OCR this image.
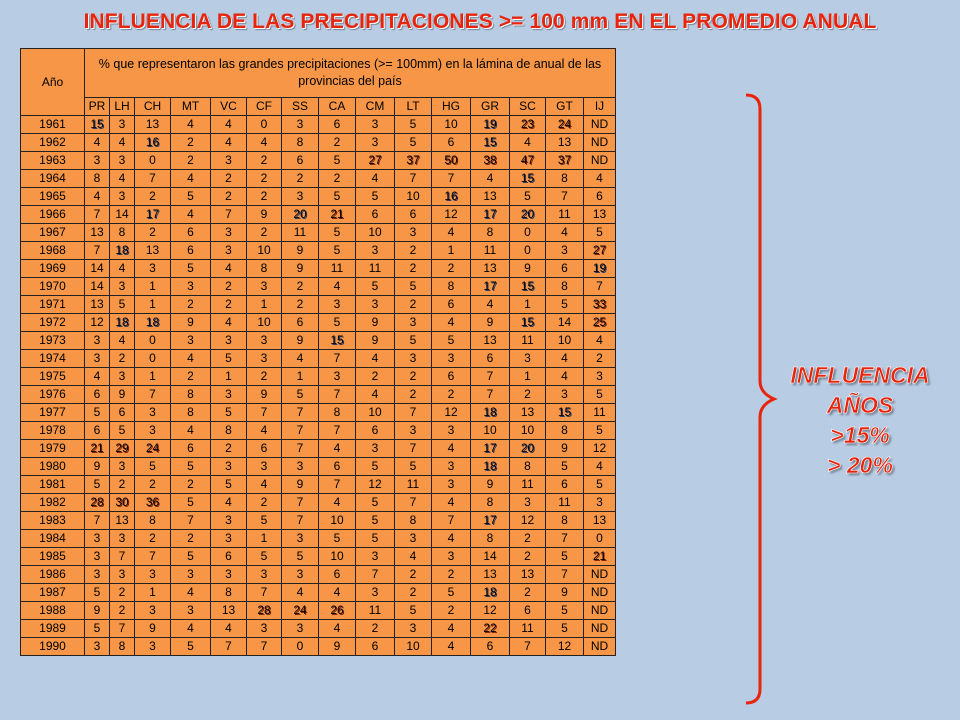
INFLUENCIA DE LAS PRECIPITACIONES >= 100 mm EN EL PROMEDIO ANUAL
Año	% que representaron las grandes precipitaciones (>= 100mm) en la lámina de anual de las provincias del país														
	PR	LH	CH	MT	VC	CF	SS	CA	CM	LT	HG	GR	SC	GT	IJ
1961	15	3	13	4	4	0	3	6	3	5	10	19	23	24	ND
1962	4	4	16	2	4	4	8	2	3	5	6	15	4	13	ND
1963	3	3	0	2	3	2	6	5	27	37	50	38	47	37	ND
1964	8	4	7	4	2	2	2	2	4	7	7	4	15	8	4
1965	4	3	2	5	2	2	3	5	5	10	16	13	5	7	6
1966	7	14	17	4	7	9	20	21	6	6	12	17	20	11	13
1967	13	8	2	6	3	2	11	5	10	3	4	8	0	4	5
1968	7	18	13	6	3	10	9	5	3	2	1	11	0	3	27
1969	14	4	3	5	4	8	9	11	11	2	2	13	9	6	19
1970	14	3	1	3	2	3	2	4	5	5	8	17	15	8	7
1971	13	5	1	2	2	1	2	3	3	2	6	4	1	5	33
1972	12	18	18	9	4	10	6	5	9	3	4	9	15	14	25
1973	3	4	0	3	3	3	9	15	9	5	5	13	11	10	4
1974	3	2	0	4	5	3	4	7	4	3	3	6	3	4	2
1975	4	3	1	2	1	2	1	3	2	2	6	7	1	4	3
1976	6	9	7	8	3	9	5	7	4	2	2	7	2	3	5
1977	5	6	3	8	5	7	7	8	10	7	12	18	13	15	11
1978	6	5	3	4	8	4	7	7	6	3	3	10	10	8	5
1979	21	29	24	6	2	6	7	4	3	7	4	17	20	9	12
1980	9	3	5	5	3	3	3	6	5	5	3	18	8	5	4
1981	5	2	2	2	5	4	9	7	12	11	3	9	11	6	5
1982	28	30	36	5	4	2	7	4	5	7	4	8	3	11	3
1983	7	13	8	7	3	5	7	10	5	8	7	17	12	8	13
1984	3	3	2	2	3	1	3	5	5	3	4	8	2	7	0
1985	3	7	7	5	6	5	5	10	3	4	3	14	2	5	21
1986	3	3	3	3	3	3	3	6	7	2	2	13	13	7	ND
1987	5	2	1	4	8	7	4	4	3	2	5	18	2	9	ND
1988	9	2	3	3	13	28	24	26	11	5	2	12	6	5	ND
1989	5	7	9	4	4	3	3	4	2	3	4	22	11	5	ND
1990	3	8	3	5	7	7	0	9	6	10	4	6	7	12	ND
INFLUENCIA
AÑOS
>15%
> 20%
